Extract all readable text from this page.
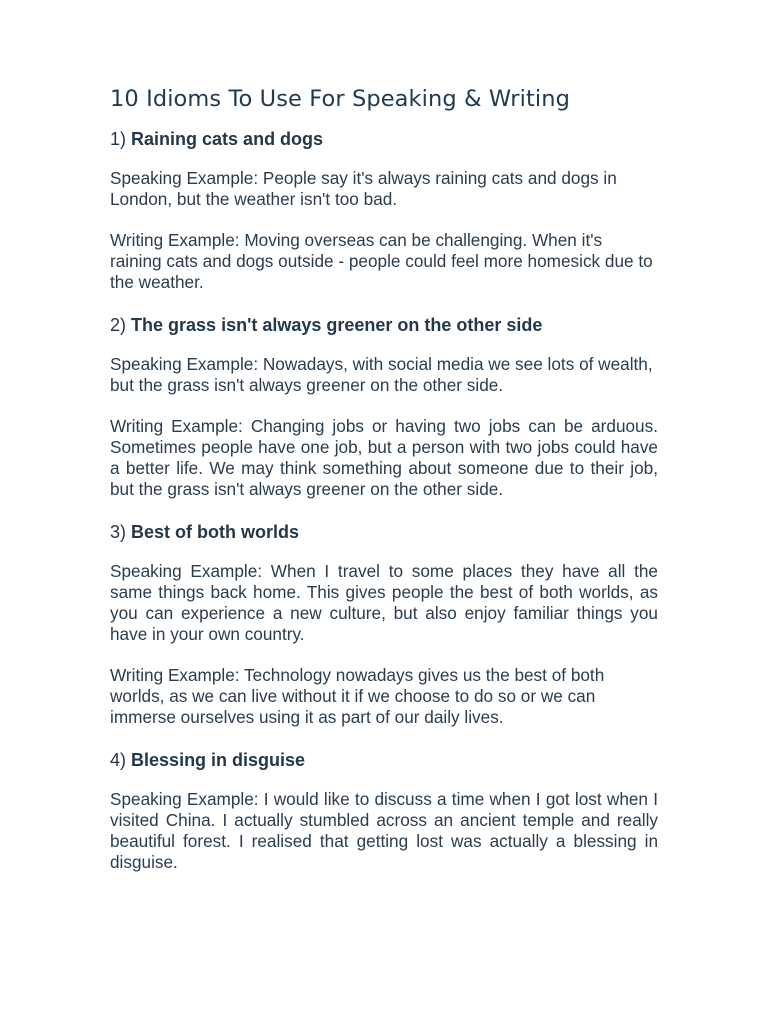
10 Idioms To Use For Speaking & Writing
1) Raining cats and dogs

Speaking Example: People say it's always raining cats and dogs in London, but the weather isn't too bad.

Writing Example: Moving overseas can be challenging. When it's raining cats and dogs outside - people could feel more homesick due to the weather.

2) The grass isn't always greener on the other side

Speaking Example: Nowadays, with social media we see lots of wealth, but the grass isn't always greener on the other side.

Writing Example: Changing jobs or having two jobs can be arduous. Sometimes people have one job, but a person with two jobs could have a better life. We may think something about someone due to their job, but the grass isn't always greener on the other side.

3) Best of both worlds

Speaking Example: When I travel to some places they have all the same things back home. This gives people the best of both worlds, as you can experience a new culture, but also enjoy familiar things you have in your own country.

Writing Example: Technology nowadays gives us the best of both worlds, as we can live without it if we choose to do so or we can immerse ourselves using it as part of our daily lives.

4) Blessing in disguise

Speaking Example: I would like to discuss a time when I got lost when I visited China. I actually stumbled across an ancient temple and really beautiful forest. I realised that getting lost was actually a blessing in disguise.
